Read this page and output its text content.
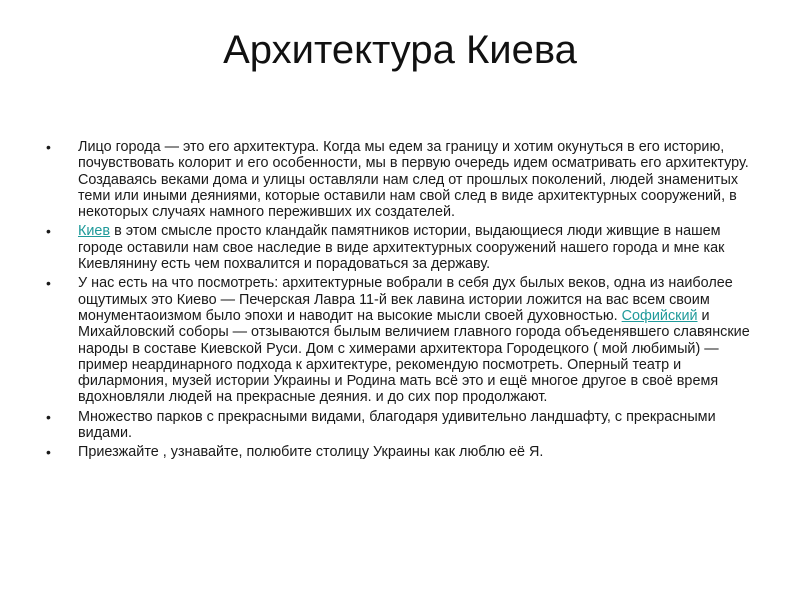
Архитектура Киева
• Лицо города — это его архитектура. Когда мы едем за границу и хотим окунуться в его историю, почувствовать колорит и его особенности, мы в первую очередь идем осматривать его архитектуру. Создаваясь веками дома и улицы оставляли нам след от прошлых поколений, людей знаменитых теми или иными деяниями, которые оставили нам свой след в виде архитектурных сооружений, в некоторых случаях намного переживших их создателей.
• Киев в этом смысле просто кландайк памятников истории, выдающиеся люди живщие в нашем городе оставили нам свое наследие в виде архитектурных сооружений нашего города и мне как Киевлянину есть чем похвалится и порадоваться за державу.
• У нас есть на что посмотреть: архитектурные вобрали в себя дух былых веков, одна из наиболее ощутимых это Киево — Печерская Лавра 11-й век лавина истории ложится на вас всем своим монументаоизмом было эпохи и наводит на высокие мысли своей духовностью. Софийский и Михайловский соборы — отзываются былым величием главного города объеденявшего славянские народы в составе Киевской Руси. Дом с химерами архитектора Городецкого ( мой любимый) — пример неардинарного подхода к архитектуре, рекомендую посмотреть. Оперный театр и филармония, музей истории Украины и Родина мать всё это и ещё многое другое в своё время вдохновляли людей на прекрасные деяния. и до сих пор продолжают.
• Множество парков с прекрасными видами, благодаря удивительно ландшафту, с прекрасными видами.
• Приезжайте , узнавайте, полюбите столицу Украины как люблю её Я.
